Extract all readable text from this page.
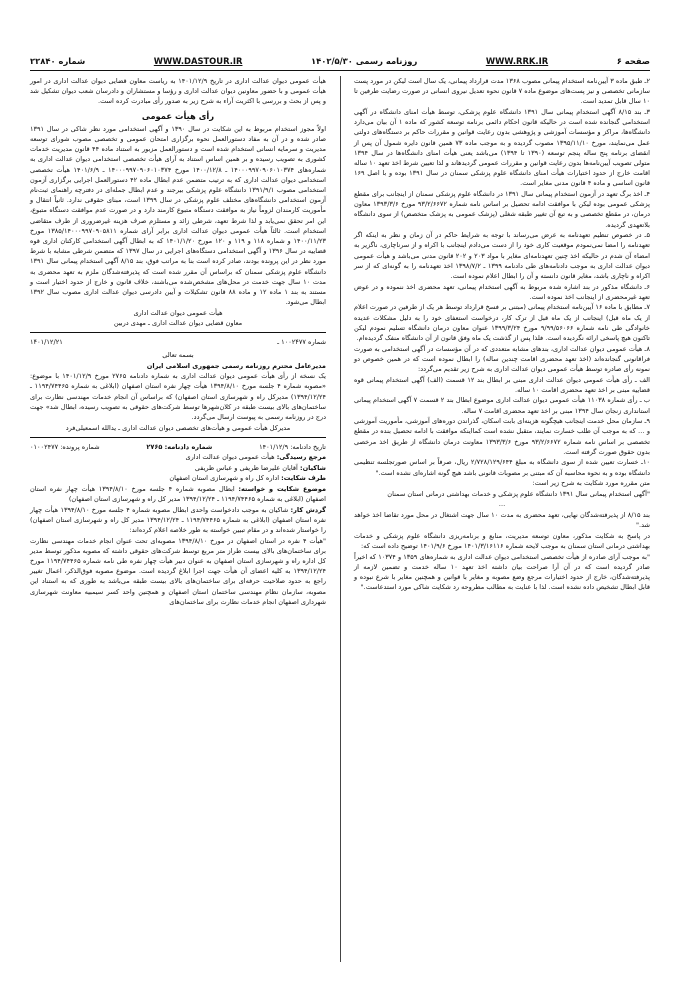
صفحه ۶
WWW.RRK.IR
روزنامه رسمی ۱۴۰۲/۵/۳۰
WWW.DASTOUR.IR
شماره ۲۲۸۴۰

۲ـ طبق ماده ۳ آیین‌نامه استخدام پیمانی مصوب ۱۳۶۸ مدت قرارداد پیمانی، یک سال است لیکن در مورد پست سازمانی تخصصی و نیز پست‌های موضوع ماده ۷ قانون نحوه تعدیل نیروی انسانی در صورت رضایت طرفین تا ۱۰ سال قابل تمدید است.

۳ـ بند ۸/۱۵ آگهی استخدام پیمانی سال ۱۳۹۱ دانشگاه علوم پزشکی، توسط هیأت امنای دانشگاه در آگهی استخدامی گنجانده شده است در حالیکه قانون احکام دائمی برنامه توسعه کشور که ماده ۱ آن بیان می‌دارد دانشگاه‌ها، مراکز و مؤسسات آموزشی و پژوهشی بدون رعایت قوانین و مقررات حاکم بر دستگاه‌های دولتی عمل می‌نمایند، مورخ ۱۳۹۵/۱۱/۱۰ مصوب گردیده و به موجب ماده ۷۳ همین قانون دایره شمول آن پس از انقضای برنامه پنج ساله پنجم توسعه (۱۳۹۰ تا ۱۳۹۴) می‌باشد یعنی هیأت امنای دانشگاه‌ها در سال ۱۳۹۴ متولی تصویب آیین‌نامه‌ها بدون رعایت قوانین و مقررات عمومی گردیدهاند و لذا تعیین شرط اخذ تعهد ۱۰ ساله اقامت خارج از حدود اختیارات هیأت امنای دانشگاه علوم پزشکی سمنان در سال ۱۳۹۱ بوده و با اصل ۱۶۹ قانون اساسی و ماده ۴ قانون مدنی مغایر است.

۴ـ اخذ برگ تعهد در آزمون استخدام پیمانی سال ۱۳۹۱ در دانشگاه علوم پزشکی سمنان از اینجانب برای مقطع پزشکی عمومی بوده لیکن با موافقت ادامه تحصیل بر اساس نامه شماره ۹۳/۲/۶۶۷۲ مورخ ۱۳۹۳/۳/۶ معاون درمان، در مقطع تخصصی و به تبع آن تغییر طبقه شغلی (پزشک عمومی به پزشک متخصص) از سوی دانشگاه بلاتعهدی گردیده.

۵ـ در خصوص تنظیم تعهدنامه به عرض می‌رساند با توجه به شرایط حاکم در آن زمان و نظر به اینکه اگر تعهدنامه را امضا نمی‌نمودم موقعیت کاری خود را از دست می‌دادم اینجانب با اکراه و از سرناچاری، ناگزیر به امضاء آن شدم در حالیکه اخذ چنین تعهدنامه‌ای مغایر با مواد ۲۰۳ و ۲۰۲ قانون مدنی می‌باشد و هیأت عمومی دیوان عدالت اداری به موجب دادنامه‌های طی دادنامه ۱۳۹۹ ـ ۱۳۹۸/۷/۲ اخذ تعهدنامه را به گونه‌ای که از سر اکراه و ناچاری باشد، مغایر قانون دانسته و آن را ابطال اعلام نموده است.

۶ـ دانشگاه مذکور در بند اشاره شده مربوط به آگهی استخدام پیمانی، تعهد محضری اخذ ننموده و در عوض تعهد غیرمحضری از اینجانب اخذ نموده است.

۷ـ مطابق با ماده ۱۶ آیین‌نامه استخدام پیمانی (مبتنی بر فسخ قرارداد توسط هر یک از طرفین در صورت اعلام از یک ماه قبل) اینجانب از یک ماه قبل از ترک کار، درخواست استعفای خود را به دلیل مشکلات عدیده خانوادگی طی نامه شماره ۹/۹۹/۵۶۰۶۶ مورخ ۱۳۹۹/۳/۲۴ عنوان معاون درمان دانشگاه تسلیم نمودم لیکن تاکنون هیچ پاسخی ارائه نگردیده است. فلذا پس از گذشت یک ماه وفق قانون از آن دانشگاه منفک گردیده‌ام.

۸ـ هیأت عمومی دیوان عدالت اداری، بندهای مشابه متعددی که در آن مؤسسات در آگهی استخدامی به صورت فراقانونی گنجانده‌اند (اخذ تعهد محضری اقامت چندین ساله) را ابطال نموده است که در همین خصوص دو نمونه رأی صادره توسط هیأت عمومی دیوان عدالت اداری به شرح زیر تقدیم می‌گردد:

الف ـ رأی هیأت عمومی دیوان عدالت اداری مبنی بر ابطال بند ۱۲ قسمت (الف) آگهی استخدام پیمانی قوه قضاییه مبنی بر اخذ تعهد محضری اقامت ۱۰ ساله.

ب ـ رأی شماره ۱۱۰۳۸ هیأت عمومی دیوان عدالت اداری موضوع ابطال بند ۲ قسمت ۷ آگهی استخدام پیمانی استانداری زنجان سال ۱۳۹۴ مبنی بر اخذ تعهد محضری اقامت ۷ ساله.

۹ـ سازمان محل خدمت اینجانب هیچگونه هزینه‌ای بابت اسکان، گذراندن دوره‌های آموزشی، مأموریت آموزشی و … که به موجب آن طلب خسارت نمایند، متقبل نشده است کمااینکه موافقت با ادامه تحصیل بنده در مقطع تخصصی بر اساس نامه شماره ۹۳/۲/۶۶۷۲ مورخ ۱۳۹۳/۳/۶ معاونت درمان دانشگاه از طریق اخذ مرخصی بدون حقوق صورت گرفته است.

۱۰ـ خسارت تعیین شده از سوی دانشگاه به مبلغ ۲/۷۲۸/۱۲۹/۶۴۴ ریال، صرفاً بر اساس صورتجلسه تنظیمی دانشگاه بوده و به نحوه محاسبه آن که مبتنی بر مصوبات قانونی باشد هیچ گونه اشاره‌ای نشده است."

متن مقرره مورد شکایت به شرح زیر است:

"آگهی استخدام پیمانی سال ۱۳۹۱ دانشگاه علوم پزشکی و خدمات بهداشتی درمانی استان سمنان

…

بند ۸/۱۵ از پذیرفته‌شدگان نهایی، تعهد محضری به مدت ۱۰ سال جهت اشتغال در محل مورد تقاضا اخذ خواهد شد."

در پاسخ به شکایت مذکور، معاون توسعه مدیریت، منابع و برنامه‌ریزی دانشگاه علوم پزشکی و خدمات بهداشتی درمانی استان سمنان به موجب لایحه شماره ۱۴۰۱/۳/۱۶۱۱۶ مورخ ۱۴۰۱/۹/۶ توضیح داده است که:

"به موجب آرای صادره از هیأت تخصصی استخدامی دیوان عدالت اداری به شماره‌های ۱۳۵۹ و ۱۰۳۷۴ که اخیراً صادر گردیده است که در آن آرا صراحت بیان داشته اخذ تعهد ۱۰ ساله خدمت و تضمین لازمه از پذیرفته‌شدگان، خارج از حدود اختیارات مرجع وضع مصوبه و مغایر با قوانین و همچنین مغایر با شرع نبوده و قابل ابطال تشخیص داده نشده است. لذا با عنایت به مطالب مطروحه رد شکایت شاکی مورد استدعاست."

هیأت عمومی دیوان عدالت اداری در تاریخ ۱۴۰۱/۱۲/۹ به ریاست معاون قضایی دیوان عدالت اداری در امور هیأت عمومی و با حضور معاونین دیوان عدالت اداری و رؤسا و مستشاران و دادرسان شعب دیوان تشکیل شد و پس از بحث و بررسی با اکثریت آراء به شرح زیر به صدور رأی مبادرت کرده است.

رأی هیأت عمومی

اولاً مجوز استخدام مربوط به این شکایت در سال ۱۳۹۰ و آگهی استخدامی مورد نظر شاکی در سال ۱۳۹۱ صادر شده و در آن به مفاد دستورالعمل نحوه برگزاری امتحان عمومی و تخصصی مصوب شورای توسعه مدیریت و سرمایه انسانی استخدام شده است و دستورالعمل مزبور به استناد ماده ۴۴ قانون مدیریت خدمات کشوری به تصویب رسیده و بر همین اساس استناد به آرای هیأت تخصصی استخدامی دیوان عدالت اداری به شماره‌های ۱۴۰۰۰۹۹۷۰۹۰۶۰۱۰۳۷۴ ـ ۱۴۰۰/۱۲/۸ مورخ ۱۴۰۰۰۹۹۷۰۹۰۶۰۱۰۳۷۴ ـ ۱۴۰۱/۶/۹ هیأت تخصصی استخدامی دیوان عدالت اداری که به ترتیب متضمن عدم ابطال ماده ۴۲ دستورالعمل اجرایی برگزاری آزمون استخدامی مصوب ۱۳۹۱/۹/۱ دانشگاه علوم پزشکی بیرجند و عدم ابطال جمله‌ای در دفترچه راهنمای ثبت‌نام آزمون استخدامی دانشگاه‌های مختلف علوم پزشکی در سال ۱۳۹۹ است، مبنای حقوقی ندارد. ثانیاً انتقال و مأموریت کارمندان لزوماً نیاز به موافقت دستگاه متبوع کارمند دارد و در صورت عدم موافقت دستگاه متبوع، این امر تحقق نمی‌یابد و لذا شرط تعهد، شرطی زائد و مستلزم صرف هزینه غیرضروری از طرف متقاضی استخدام است. ثالثاً هیأت عمومی دیوان عدالت اداری برابر آرای شماره ۱۳۸۵/۱۴۰۰۰۹۹۷۰۹۰۵۸۱۱ مورخ ۱۴۰۰/۱۱/۲۳ و شماره ۱۱۸ و ۱۱۹ و ۱۲۰ مورخ ۱۴۰۱/۱/۲۰ که به ابطال آگهی استخدامی کارکنان اداری قوه قضاییه در سال ۱۳۹۶ و آگهی استخدامی دستگاه‌های اجرایی در سال ۱۳۹۷ که متضمن شرطی مشابه با شرط مورد نظر در این پرونده بودند، صادر کرده است بنا به مراتب فوق، بند ۸/۱۵ آگهی استخدام پیمانی سال ۱۳۹۱ دانشگاه علوم پزشکی سمنان که براساس آن مقرر شده است که پذیرفته‌شدگان ملزم به تعهد محضری به مدت ۱۰ سال جهت خدمت در محل‌های مشخص‌شده می‌باشند، خلاف قانون و خارج از حدود اختیار است و مستند به بند ۱ ماده ۱۲ و ماده ۸۸ قانون تشکیلات و آیین دادرسی دیوان عدالت اداری مصوب سال ۱۳۹۲ ابطال می‌شود.

هیأت عمومی دیوان عدالت اداری

معاون قضایی دیوان عدالت اداری ـ مهدی دربین

شماره ۱۰۰۲۴۷۷ ـ
۱۴۰۱/۱۲/۲۱

بسمه تعالی

مدیرعامل محترم روزنامه رسمی جمهوری اسلامی ایران

یک نسخه از رأی هیأت عمومی دیوان عدالت اداری به شماره دادنامه ۲۷۶۵ مورخ ۱۴۰۱/۱۲/۹ با موضوع: «مصوبه شماره ۴ جلسه مورخ ۱۳۹۴/۸/۱۰ هیأت چهار نفره استان اصفهان (ابلاغی به شماره ۱۱۹۴/۷۴۴۶۵ ـ ۱۳۹۴/۱۲/۲۴) مدیرکل راه و شهرسازی استان اصفهان) که براساس آن انجام خدمات مهندسی نظارت برای ساختمان‌های بالای بیست طبقه در کلان‌شهرها توسط شرکت‌های حقوقی به تصویب رسیده، ابطال شد» جهت درج در روزنامه رسمی به پیوست ارسال می‌گردد.

مدیرکل هیأت عمومی و هیأت‌های تخصصی دیوان عدالت اداری ـ یدالله اسمعیلی‌فرد

تاریخ دادنامه: ۱۴۰۱/۱۲/۹
شماره دادنامه: ۲۷۶۵
شماره پرونده: ۰۱۰۰۲۴۷۷

مرجع رسیدگی: هیأت عمومی دیوان عدالت اداری

شاکیان: آقایان علیرضا ظریفی و عباس ظریفی

طرف شکایت: اداره کل راه و شهرسازی استان اصفهان

موضوع شکایت و خواسته: ابطال مصوبه شماره ۴ جلسه مورخ ۱۳۹۴/۸/۱۰ هیأت چهار نفره استان اصفهان (ابلاغی به شماره ۱۱۹۴/۷۴۴۶۵ ـ ۱۳۹۴/۱۲/۲۴ مدیر کل راه و شهرسازی استان اصفهان)

گردش کار: شاکیان به موجب دادخواست واحدی ابطال مصوبه شماره ۴ جلسه مورخ ۱۳۹۴/۸/۱۰ هیأت چهار نفره استان اصفهان (ابلاغی به شماره ۱۱۹۴/۷۴۴۶۵ ـ ۱۳۹۴/۱۲/۲۴ مدیر کل راه و شهرسازی استان اصفهان) را خواستار شده‌اند و در مقام تبیین خواسته به طور خلاصه اعلام کرده‌اند:

"هیأت ۴ نفره در استان اصفهان در مورخ ۱۳۹۴/۸/۱۰ مصوبه‌ای تحت عنوان انجام خدمات مهندسی نظارت برای ساختمان‌های بالای بیست طراز متر مربع توسط شرکت‌های حقوقی داشته که مصوبه مذکور توسط مدیر کل اداره راه و شهرسازی استان اصفهان به عنوان دبیر هیأت چهار نفره طی نامه شماره ۱۱۹۴/۷۴۴۶۵ مورخ ۱۳۹۴/۱۲/۲۴ به کلیه اعضای آن هیأت جهت اجرا ابلاغ گردیده است. موضوع مصوبه فوق‌الذکر، اعمال تغییر راجع به حدود صلاحیت حرفه‌ای برای ساختمان‌های بالای بیست طبقه می‌باشد به طوری که به استناد این مصوبه، سازمان نظام مهندسی ساختمان استان اصفهان و همچنین واحد کسر سیمبیه معاونت شهرسازی شهرداری اصفهان انجام خدمات نظارت برای ساختمان‌های
